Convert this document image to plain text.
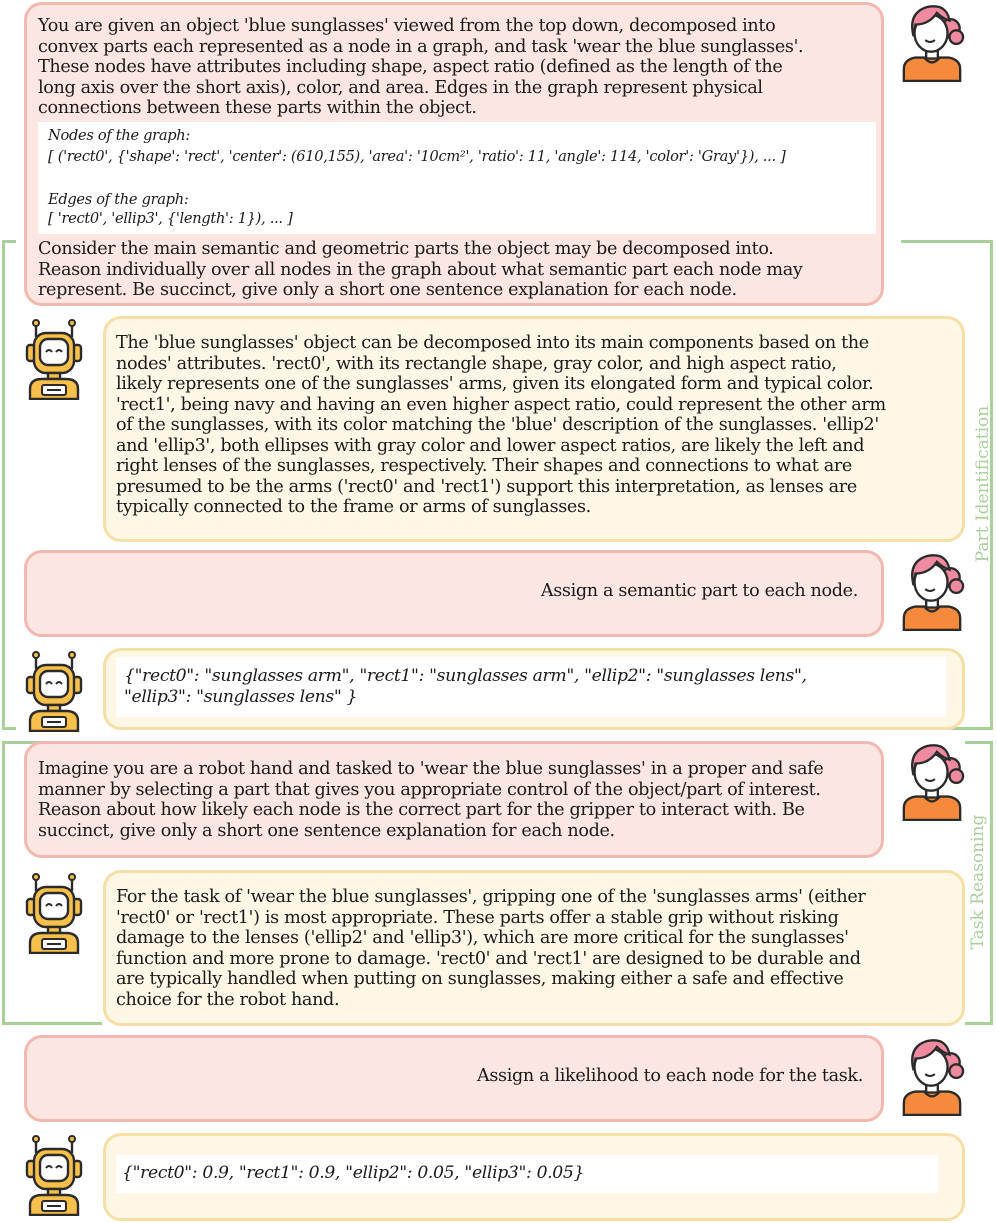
Part Identification
Task Reasoning
You are given an object 'blue sunglasses' viewed from the top down, decomposed into
convex parts each represented as a node in a graph, and task 'wear the blue sunglasses'.
These nodes have attributes including shape, aspect ratio (defined as the length of the
long axis over the short axis), color, and area. Edges in the graph represent physical
connections between these parts within the object.
Nodes of the graph:
[ ('rect0', {'shape': 'rect', 'center': (610,155), 'area': '10cm²', 'ratio': 11, 'angle': 114, 'color': 'Gray'}), ... ]
Edges of the graph:
[ 'rect0', 'ellip3', {'length': 1}), ... ]
Consider the main semantic and geometric parts the object may be decomposed into.
Reason individually over all nodes in the graph about what semantic part each node may
represent. Be succinct, give only a short one sentence explanation for each node.
The 'blue sunglasses' object can be decomposed into its main components based on the
nodes' attributes. 'rect0', with its rectangle shape, gray color, and high aspect ratio,
likely represents one of the sunglasses' arms, given its elongated form and typical color.
'rect1', being navy and having an even higher aspect ratio, could represent the other arm
of the sunglasses, with its color matching the 'blue' description of the sunglasses. 'ellip2'
and 'ellip3', both ellipses with gray color and lower aspect ratios, are likely the left and
right lenses of the sunglasses, respectively. Their shapes and connections to what are
presumed to be the arms ('rect0' and 'rect1') support this interpretation, as lenses are
typically connected to the frame or arms of sunglasses.
Assign a semantic part to each node.
{"rect0": "sunglasses arm", "rect1": "sunglasses arm", "ellip2": "sunglasses lens",
"ellip3": "sunglasses lens" }
Imagine you are a robot hand and tasked to 'wear the blue sunglasses' in a proper and safe
manner by selecting a part that gives you appropriate control of the object/part of interest.
Reason about how likely each node is the correct part for the gripper to interact with. Be
succinct, give only a short one sentence explanation for each node.
For the task of 'wear the blue sunglasses', gripping one of the 'sunglasses arms' (either
'rect0' or 'rect1') is most appropriate. These parts offer a stable grip without risking
damage to the lenses ('ellip2' and 'ellip3'), which are more critical for the sunglasses'
function and more prone to damage. 'rect0' and 'rect1' are designed to be durable and
are typically handled when putting on sunglasses, making either a safe and effective
choice for the robot hand.
Assign a likelihood to each node for the task.
{"rect0": 0.9, "rect1": 0.9, "ellip2": 0.05, "ellip3": 0.05}
